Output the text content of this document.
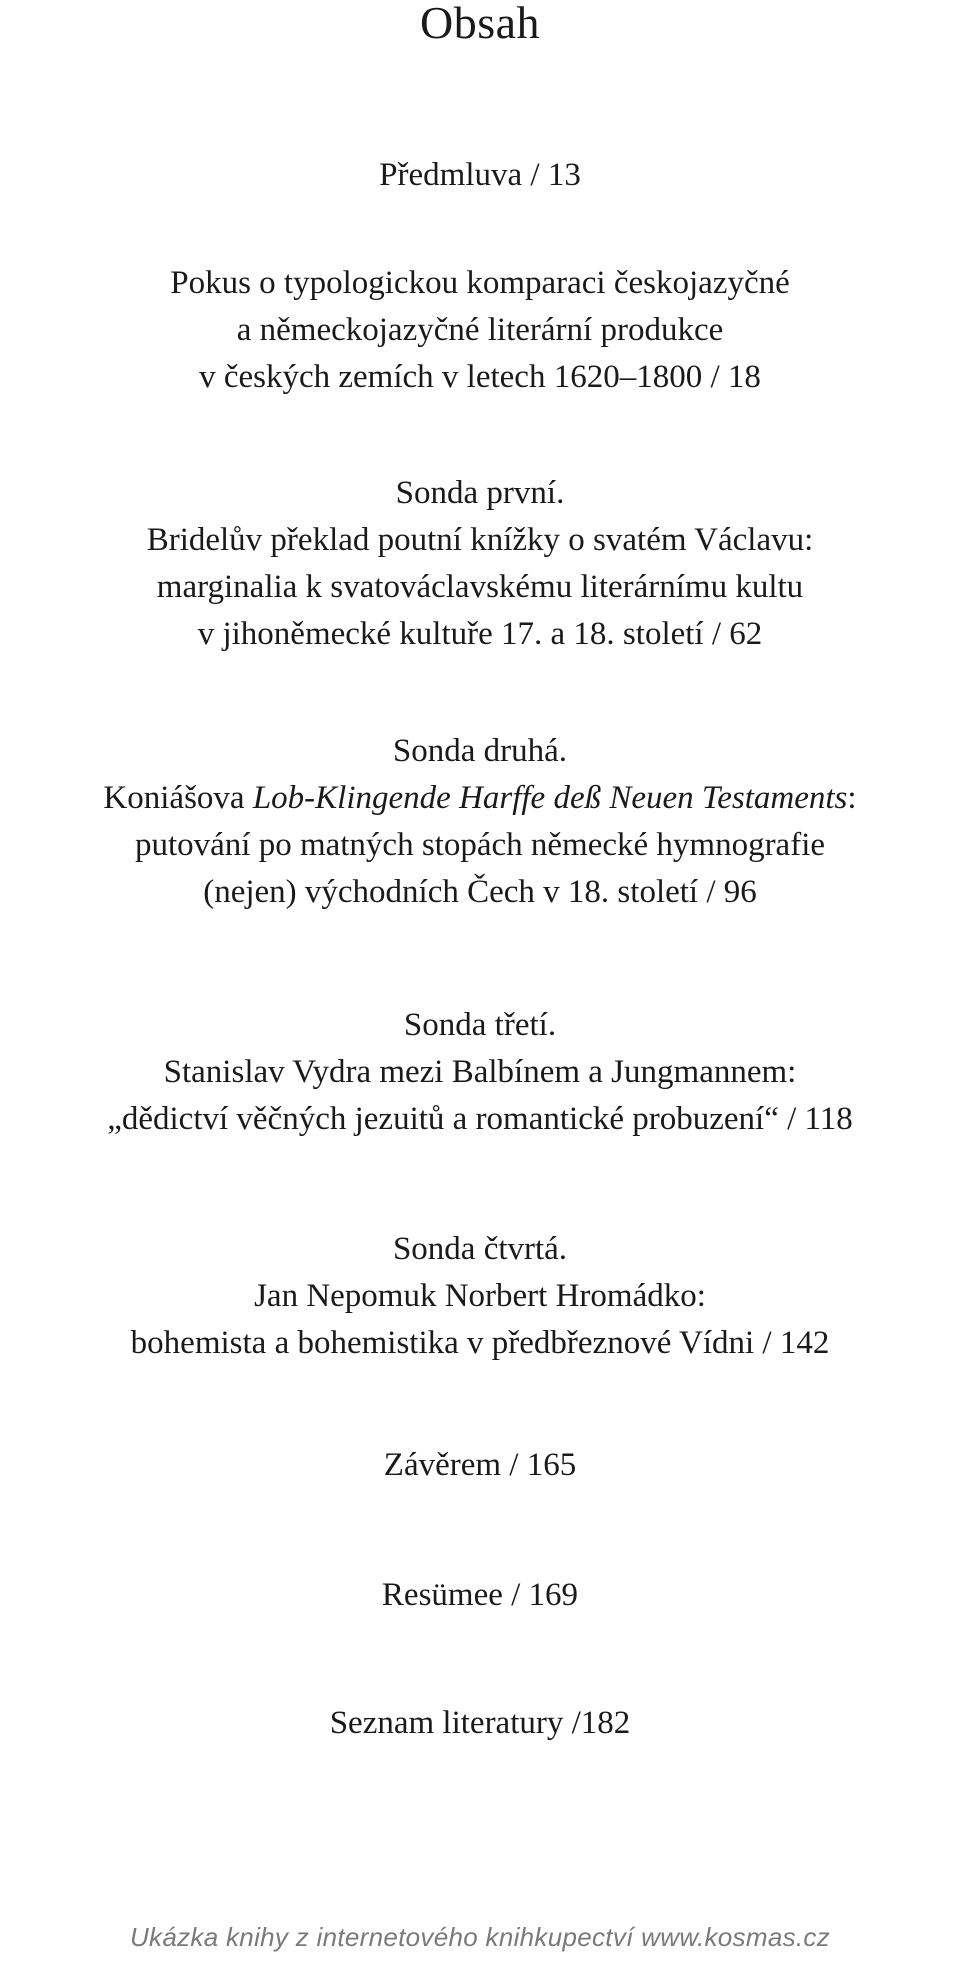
Obsah
Předmluva / 13
Pokus o typologickou komparaci českojazyčné
a německojazyčné literární produkce
v českých zemích v letech 1620–1800 / 18
Sonda první.
Bridelův překlad poutní knížky o svatém Václavu:
marginalia k svatováclavskému literárnímu kultu
v jihoněmecké kultuře 17. a 18. století / 62
Sonda druhá.
Koniášova Lob-Klingende Harffe deß Neuen Testaments:
putování po matných stopách německé hymnografie
(nejen) východních Čech v 18. století / 96
Sonda třetí.
Stanislav Vydra mezi Balbínem a Jungmannem:
„dědictví věčných jezuitů a romantické probuzení“ / 118
Sonda čtvrtá.
Jan Nepomuk Norbert Hromádko:
bohemista a bohemistika v předbřeznové Vídni / 142
Závěrem / 165
Resümee / 169
Seznam literatury /182
Ukázka knihy z internetového knihkupectví www.kosmas.cz
